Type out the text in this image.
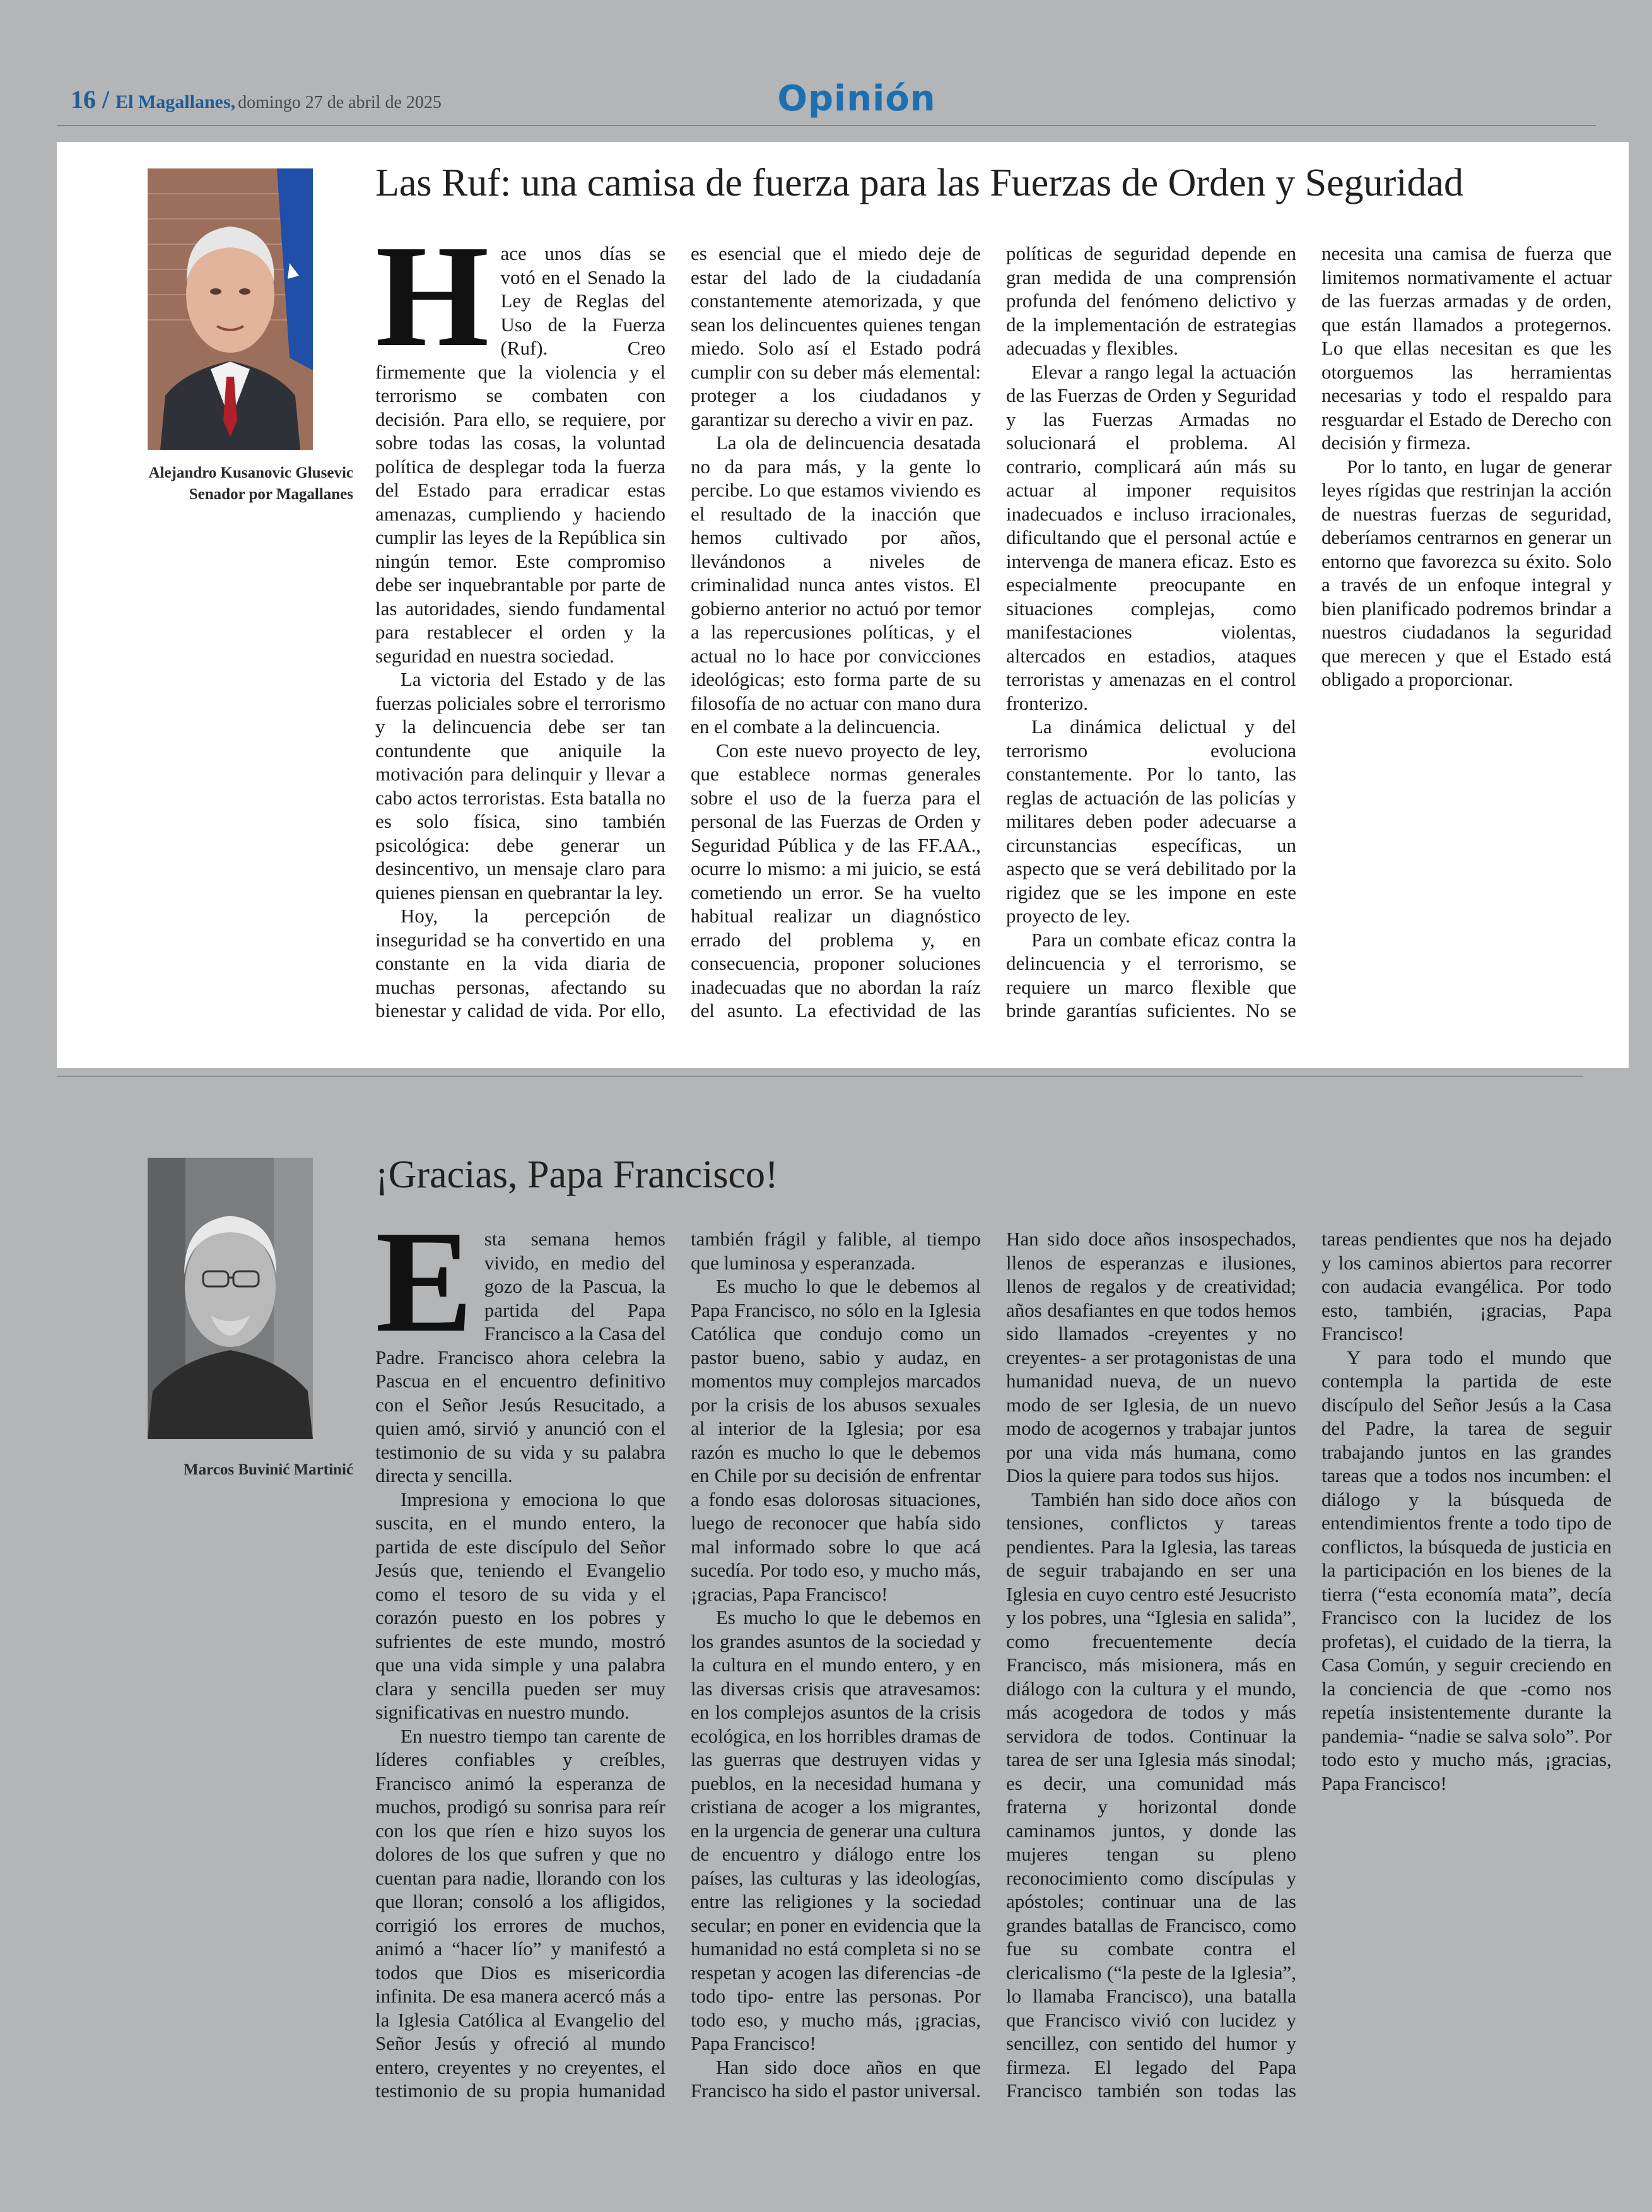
16 / El Magallanes, domingo 27 de abril de 2025	Opinión
Alejandro Kusanovic Glusevic
Senador por Magallanes
Las Ruf: una camisa de fuerza para las Fuerzas de Orden y Seguridad

Hace unos días se votó en el Senado la Ley de Reglas del Uso de la Fuerza (Ruf). Creo firmemente que la violencia y el terrorismo se combaten con decisión. Para ello, se requiere, por sobre todas las cosas, la voluntad política de desplegar toda la fuerza del Estado para erradicar estas amenazas, cumpliendo y haciendo cumplir las leyes de la República sin ningún temor. Este compromiso debe ser inquebrantable por parte de las autoridades, siendo fundamental para restablecer el orden y la seguridad en nuestra sociedad.

La victoria del Estado y de las fuerzas policiales sobre el terrorismo y la delincuencia debe ser tan contundente que aniquile la motivación para delinquir y llevar a cabo actos terroristas. Esta batalla no es solo física, sino también psicológica: debe generar un desincentivo, un mensaje claro para quienes piensan en quebrantar la ley.

Hoy, la percepción de inseguridad se ha convertido en una constante en la vida diaria de muchas personas, afectando su bienestar y calidad de vida. Por ello, es esencial que el miedo deje de estar del lado de la ciudadanía constantemente atemorizada, y que sean los delincuentes quienes tengan miedo. Solo así el Estado podrá cumplir con su deber más elemental: proteger a los ciudadanos y garantizar su derecho a vivir en paz.

La ola de delincuencia desatada no da para más, y la gente lo percibe. Lo que estamos viviendo es el resultado de la inacción que hemos cultivado por años, llevándonos a niveles de criminalidad nunca antes vistos. El gobierno anterior no actuó por temor a las repercusiones políticas, y el actual no lo hace por convicciones ideológicas; esto forma parte de su filosofía de no actuar con mano dura en el combate a la delincuencia.

Con este nuevo proyecto de ley, que establece normas generales sobre el uso de la fuerza para el personal de las Fuerzas de Orden y Seguridad Pública y de las FF.AA., ocurre lo mismo: a mi juicio, se está cometiendo un error. Se ha vuelto habitual realizar un diagnóstico errado del problema y, en consecuencia, proponer soluciones inadecuadas que no abordan la raíz del asunto. La efectividad de las políticas de seguridad depende en gran medida de una comprensión profunda del fenómeno delictivo y de la implementación de estrategias adecuadas y flexibles.

Elevar a rango legal la actuación de las Fuerzas de Orden y Seguridad y las Fuerzas Armadas no solucionará el problema. Al contrario, complicará aún más su actuar al imponer requisitos inadecuados e incluso irracionales, dificultando que el personal actúe e intervenga de manera eficaz. Esto es especialmente preocupante en situaciones complejas, como manifestaciones violentas, altercados en estadios, ataques terroristas y amenazas en el control fronterizo.

La dinámica delictual y del terrorismo evoluciona constantemente. Por lo tanto, las reglas de actuación de las policías y militares deben poder adecuarse a circunstancias específicas, un aspecto que se verá debilitado por la rigidez que se les impone en este proyecto de ley.

Para un combate eficaz contra la delincuencia y el terrorismo, se requiere un marco flexible que brinde garantías suficientes. No se necesita una camisa de fuerza que limitemos normativamente el actuar de las fuerzas armadas y de orden, que están llamados a protegernos. Lo que ellas necesitan es que les otorguemos las herramientas necesarias y todo el respaldo para resguardar el Estado de Derecho con decisión y firmeza.

Por lo tanto, en lugar de generar leyes rígidas que restrinjan la acción de nuestras fuerzas de seguridad, deberíamos centrarnos en generar un entorno que favorezca su éxito. Solo a través de un enfoque integral y bien planificado podremos brindar a nuestros ciudadanos la seguridad que merecen y que el Estado está obligado a proporcionar.

Marcos Buvinić Martinić
¡Gracias, Papa Francisco!

Esta semana hemos vivido, en medio del gozo de la Pascua, la partida del Papa Francisco a la Casa del Padre. Francisco ahora celebra la Pascua en el encuentro definitivo con el Señor Jesús Resucitado, a quien amó, sirvió y anunció con el testimonio de su vida y su palabra directa y sencilla.

Impresiona y emociona lo que suscita, en el mundo entero, la partida de este discípulo del Señor Jesús que, teniendo el Evangelio como el tesoro de su vida y el corazón puesto en los pobres y sufrientes de este mundo, mostró que una vida simple y una palabra clara y sencilla pueden ser muy significativas en nuestro mundo.

En nuestro tiempo tan carente de líderes confiables y creíbles, Francisco animó la esperanza de muchos, prodigó su sonrisa para reír con los que ríen e hizo suyos los dolores de los que sufren y que no cuentan para nadie, llorando con los que lloran; consoló a los afligidos, corrigió los errores de muchos, animó a “hacer lío” y manifestó a todos que Dios es misericordia infinita. De esa manera acercó más a la Iglesia Católica al Evangelio del Señor Jesús y ofreció al mundo entero, creyentes y no creyentes, el testimonio de su propia humanidad también frágil y falible, al tiempo que luminosa y esperanzada.

Es mucho lo que le debemos al Papa Francisco, no sólo en la Iglesia Católica que condujo como un pastor bueno, sabio y audaz, en momentos muy complejos marcados por la crisis de los abusos sexuales al interior de la Iglesia; por esa razón es mucho lo que le debemos en Chile por su decisión de enfrentar a fondo esas dolorosas situaciones, luego de reconocer que había sido mal informado sobre lo que acá sucedía. Por todo eso, y mucho más, ¡gracias, Papa Francisco!

Es mucho lo que le debemos en los grandes asuntos de la sociedad y la cultura en el mundo entero, y en las diversas crisis que atravesamos: en los complejos asuntos de la crisis ecológica, en los horribles dramas de las guerras que destruyen vidas y pueblos, en la necesidad humana y cristiana de acoger a los migrantes, en la urgencia de generar una cultura de encuentro y diálogo entre los países, las culturas y las ideologías, entre las religiones y la sociedad secular; en poner en evidencia que la humanidad no está completa si no se respetan y acogen las diferencias -de todo tipo- entre las personas. Por todo eso, y mucho más, ¡gracias, Papa Francisco!

Han sido doce años en que Francisco ha sido el pastor universal. Han sido doce años insospechados, llenos de esperanzas e ilusiones, llenos de regalos y de creatividad; años desafiantes en que todos hemos sido llamados -creyentes y no creyentes- a ser protagonistas de una humanidad nueva, de un nuevo modo de ser Iglesia, de un nuevo modo de acogernos y trabajar juntos por una vida más humana, como Dios la quiere para todos sus hijos.

También han sido doce años con tensiones, conflictos y tareas pendientes. Para la Iglesia, las tareas de seguir trabajando en ser una Iglesia en cuyo centro esté Jesucristo y los pobres, una “Iglesia en salida”, como frecuentemente decía Francisco, más misionera, más en diálogo con la cultura y el mundo, más acogedora de todos y más servidora de todos. Continuar la tarea de ser una Iglesia más sinodal; es decir, una comunidad más fraterna y horizontal donde caminamos juntos, y donde las mujeres tengan su pleno reconocimiento como discípulas y apóstoles; continuar una de las grandes batallas de Francisco, como fue su combate contra el clericalismo (“la peste de la Iglesia”, lo llamaba Francisco), una batalla que Francisco vivió con lucidez y sencillez, con sentido del humor y firmeza. El legado del Papa Francisco también son todas las tareas pendientes que nos ha dejado y los caminos abiertos para recorrer con audacia evangélica. Por todo esto, también, ¡gracias, Papa Francisco!

Y para todo el mundo que contempla la partida de este discípulo del Señor Jesús a la Casa del Padre, la tarea de seguir trabajando juntos en las grandes tareas que a todos nos incumben: el diálogo y la búsqueda de entendimientos frente a todo tipo de conflictos, la búsqueda de justicia en la participación en los bienes de la tierra (“esta economía mata”, decía Francisco con la lucidez de los profetas), el cuidado de la tierra, la Casa Común, y seguir creciendo en la conciencia de que -como nos repetía insistentemente durante la pandemia- “nadie se salva solo”. Por todo esto y mucho más, ¡gracias, Papa Francisco!
